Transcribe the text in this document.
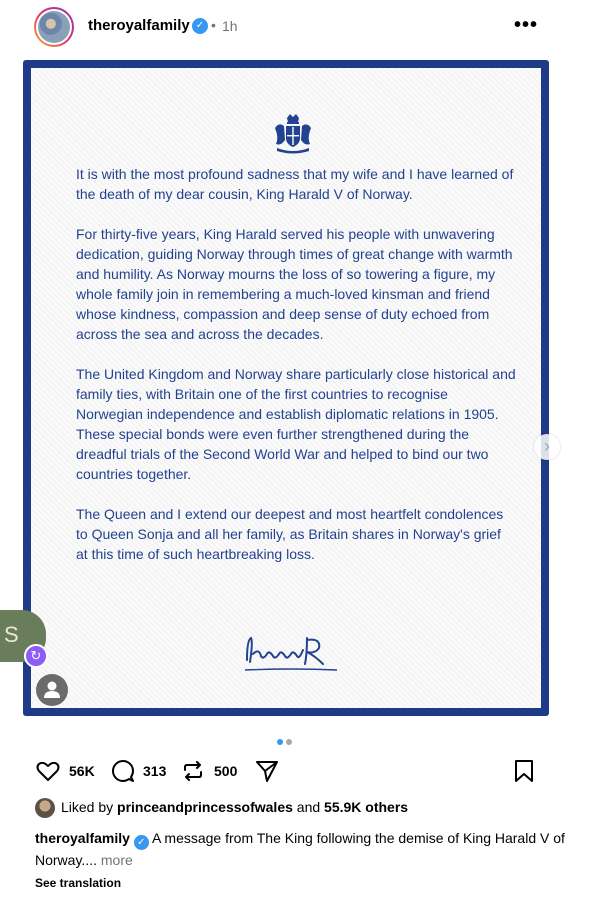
theroyalfamily ✓ • 1h	•••

It is with the most profound sadness that my wife and I have learned of the death of my dear cousin, King Harald V of Norway.

For thirty-five years, King Harald served his people with unwavering dedication, guiding Norway through times of great change with warmth and humility. As Norway mourns the loss of so towering a figure, my whole family join in remembering a much-loved kinsman and friend whose kindness, compassion and deep sense of duty echoed from across the sea and across the decades.

The United Kingdom and Norway share particularly close historical and family ties, with Britain one of the first countries to recognise Norwegian independence and establish diplomatic relations in 1905. These special bonds were even further strengthened during the dreadful trials of the Second World War and helped to bind our two countries together.

The Queen and I extend our deepest and most heartfelt condolences to Queen Sonja and all her family, as Britain shares in Norway's grief at this time of such heartbreaking loss.

›
S
↻
56K	313	500
Liked by princeandprincessofwales and 55.9K others
theroyalfamily ✓ A message from The King following the demise of King Harald V of Norway.... more
See translation
